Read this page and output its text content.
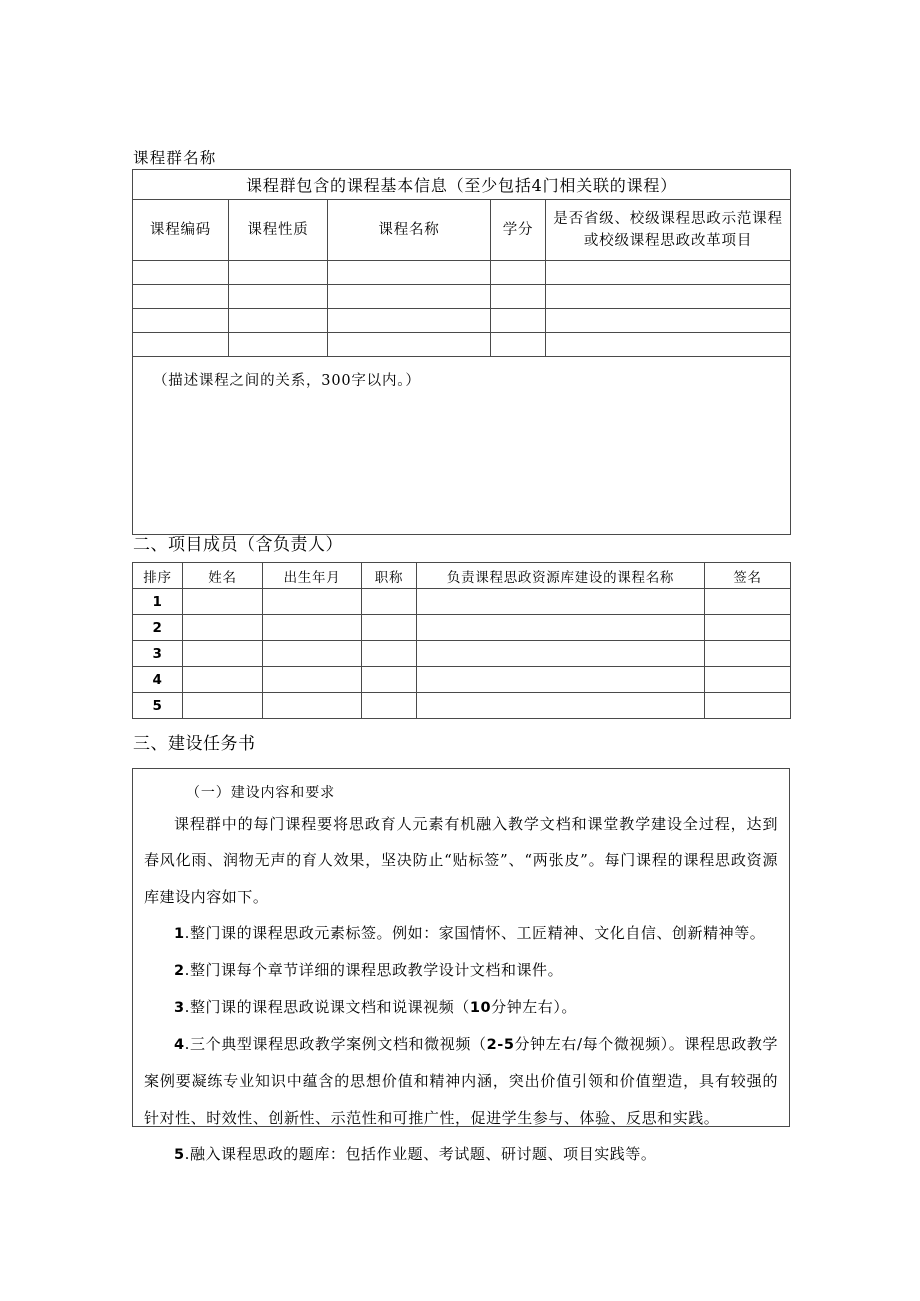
课程群名称
课程群包含的课程基本信息（至少包括4门相关联的课程）				
课程编码	课程性质	课程名称	学分	是否省级、校级课程思政示范课程
或校级课程思政改革项目

（描述课程之间的关系，300字以内。）				
二、项目成员（含负责人）
排序	姓名	出生年月	职称	负责课程思政资源库建设的课程名称	签名
1					
2					
3					
4					
5					
三、建设任务书
（一）建设内容和要求
课程群中的每门课程要将思政育人元素有机融入教学文档和课堂教学建设全过程，达到春风化雨、润物无声的育人效果，坚决防止“贴标签”、“两张皮”。每门课程的课程思政资源库建设内容如下。
1.整门课的课程思政元素标签。例如：家国情怀、工匠精神、文化自信、创新精神等。
2.整门课每个章节详细的课程思政教学设计文档和课件。
3.整门课的课程思政说课文档和说课视频（10分钟左右）。
4.三个典型课程思政教学案例文档和微视频（2-5分钟左右/每个微视频）。课程思政教学案例要凝练专业知识中蕴含的思想价值和精神内涵，突出价值引领和价值塑造，具有较强的针对性、时效性、创新性、示范性和可推广性，促进学生参与、体验、反思和实践。
5.融入课程思政的题库：包括作业题、考试题、研讨题、项目实践等。
